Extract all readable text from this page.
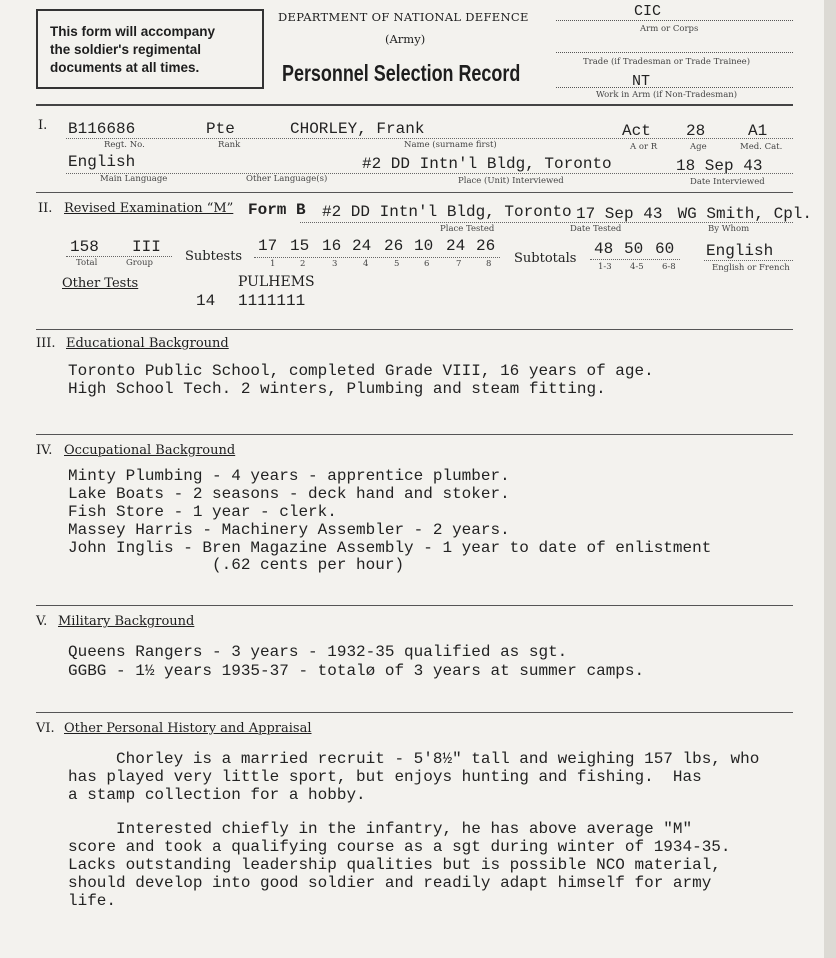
This form will accompany
the soldier's regimental
documents at all times.
DEPARTMENT OF NATIONAL DEFENCE
(Army)
Personnel Selection Record
CIC
Arm or Corps
Trade (if Tradesman or Trade Trainee)
NT
Work in Arm (if Non-Tradesman)
I. B116686
Regt. No.
Pte
Rank
CHORLEY, Frank
Name (surname first)
Act
A or R
28
Age
A1
Med. Cat.
English
Main Language	Other Language(s)
#2 DD Intn'l Bldg, Toronto
Place (Unit) Interviewed
18 Sep 43
Date Interviewed
II. Revised Examination “M” Form B #2 DD Intn'l Bldg, Toronto
Place Tested
17 Sep 43
Date Tested
WG Smith, Cpl.
By Whom
158
Total
III
Group Subtests
17
1
15
2
16
3
24
4
26
5
10
6
24
7
26
8 Subtotals
48
1-3
50
4-5
60
6-8
English
English or French
Other Tests	PULHEMS
14 1111111
III. Educational Background
Toronto Public School, completed Grade VIII, 16 years of age.
High School Tech. 2 winters, Plumbing and steam fitting.
IV. Occupational Background
Minty Plumbing - 4 years - apprentice plumber.
Lake Boats - 2 seasons - deck hand and stoker.
Fish Store - 1 year - clerk.
Massey Harris - Machinery Assembler - 2 years.
John Inglis - Bren Magazine Assembly - 1 year to date of enlistment
(.62 cents per hour)
V. Military Background
Queens Rangers - 3 years - 1932-35 qualified as sgt.
GGBG - 1½ years 1935-37 - totalø of 3 years at summer camps.
VI. Other Personal History and Appraisal
Chorley is a married recruit - 5'8½" tall and weighing 157 lbs, who
has played very little sport, but enjoys hunting and fishing.  Has
a stamp collection for a hobby.
Interested chiefly in the infantry, he has above average "M"
score and took a qualifying course as a sgt during winter of 1934-35.
Lacks outstanding leadership qualities but is possible NCO material,
should develop into good soldier and readily adapt himself for army
life.
